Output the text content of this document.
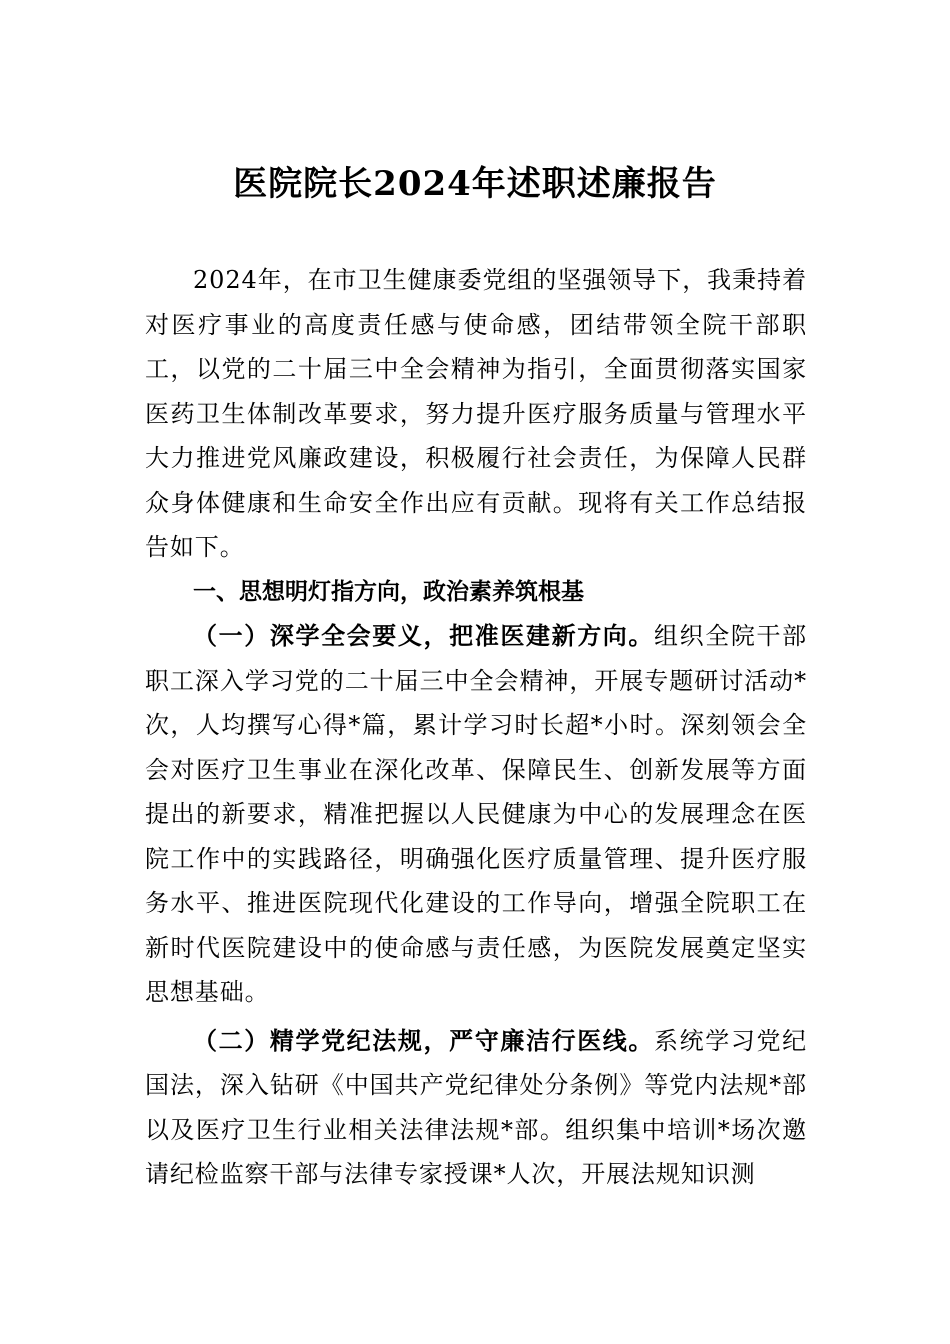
医院院长2024年述职述廉报告

2024年，在市卫生健康委党组的坚强领导下，我秉持着对医疗事业的高度责任感与使命感，团结带领全院干部职工，以党的二十届三中全会精神为指引，全面贯彻落实国家医药卫生体制改革要求，努力提升医疗服务质量与管理水平大力推进党风廉政建设，积极履行社会责任，为保障人民群众身体健康和生命安全作出应有贡献。现将有关工作总结报告如下。

一、思想明灯指方向，政治素养筑根基

（一）深学全会要义，把准医建新方向。组织全院干部职工深入学习党的二十届三中全会精神，开展专题研讨活动*次，人均撰写心得*篇，累计学习时长超*小时。深刻领会全会对医疗卫生事业在深化改革、保障民生、创新发展等方面提出的新要求，精准把握以人民健康为中心的发展理念在医院工作中的实践路径，明确强化医疗质量管理、提升医疗服务水平、推进医院现代化建设的工作导向，增强全院职工在新时代医院建设中的使命感与责任感，为医院发展奠定坚实思想基础。

（二）精学党纪法规，严守廉洁行医线。系统学习党纪国法，深入钻研《中国共产党纪律处分条例》等党内法规*部以及医疗卫生行业相关法律法规*部。组织集中培训*场次邀请纪检监察干部与法律专家授课*人次，开展法规知识测
